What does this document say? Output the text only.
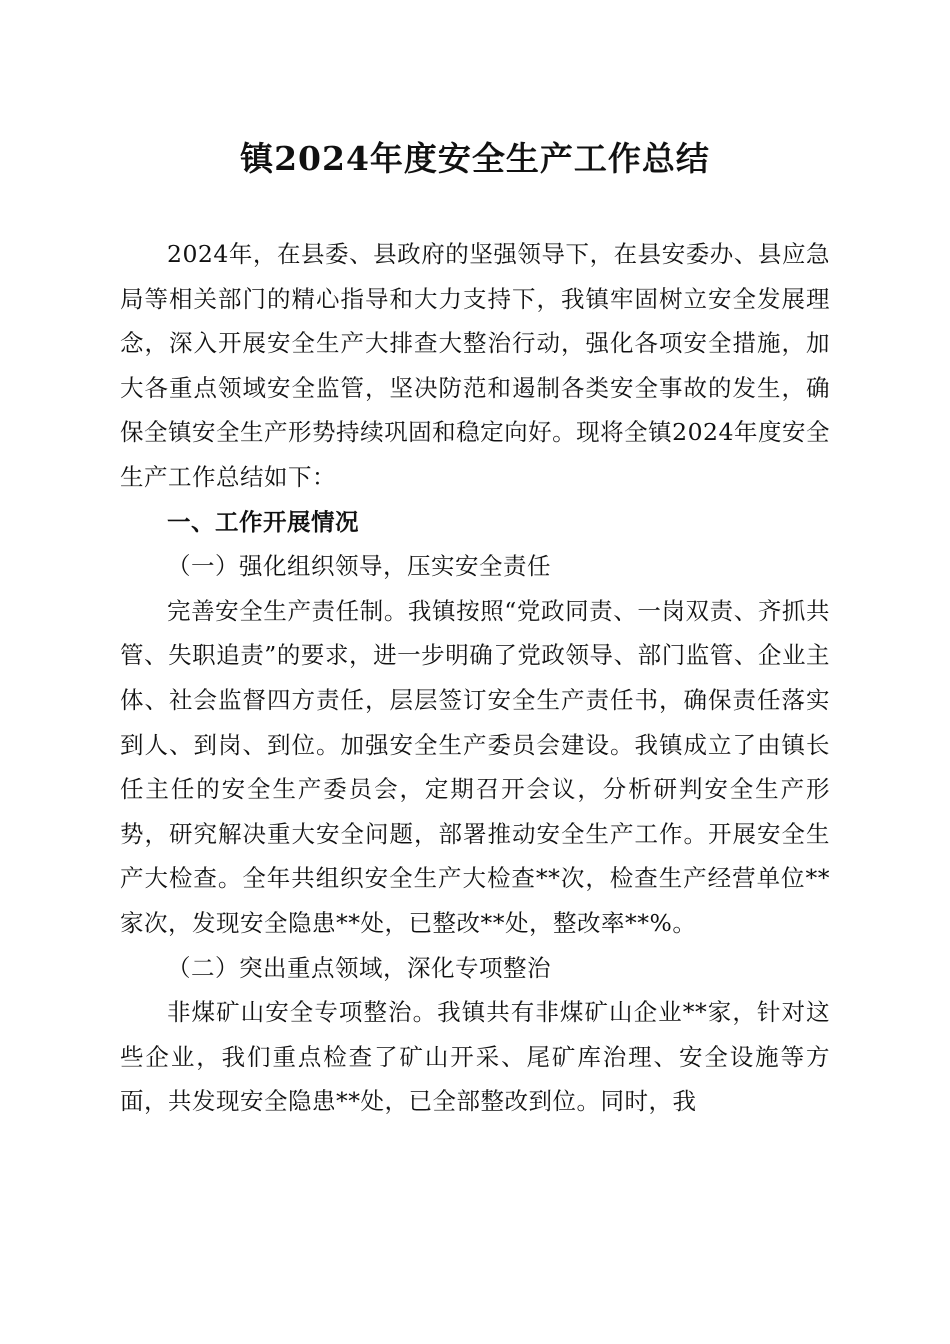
镇2024年度安全生产工作总结

2024年，在县委、县政府的坚强领导下，在县安委办、县应急局等相关部门的精心指导和大力支持下，我镇牢固树立安全发展理念，深入开展安全生产大排查大整治行动，强化各项安全措施，加大各重点领域安全监管，坚决防范和遏制各类安全事故的发生，确保全镇安全生产形势持续巩固和稳定向好。现将全镇2024年度安全生产工作总结如下：

一、工作开展情况

（一）强化组织领导，压实安全责任

完善安全生产责任制。我镇按照“党政同责、一岗双责、齐抓共管、失职追责”的要求，进一步明确了党政领导、部门监管、企业主体、社会监督四方责任，层层签订安全生产责任书，确保责任落实到人、到岗、到位。加强安全生产委员会建设。我镇成立了由镇长任主任的安全生产委员会，定期召开会议，分析研判安全生产形势，研究解决重大安全问题，部署推动安全生产工作。开展安全生产大检查。全年共组织安全生产大检查**次，检查生产经营单位**家次，发现安全隐患**处，已整改**处，整改率**%。

（二）突出重点领域，深化专项整治

非煤矿山安全专项整治。我镇共有非煤矿山企业**家，针对这些企业，我们重点检查了矿山开采、尾矿库治理、安全设施等方面，共发现安全隐患**处，已全部整改到位。同时，我
